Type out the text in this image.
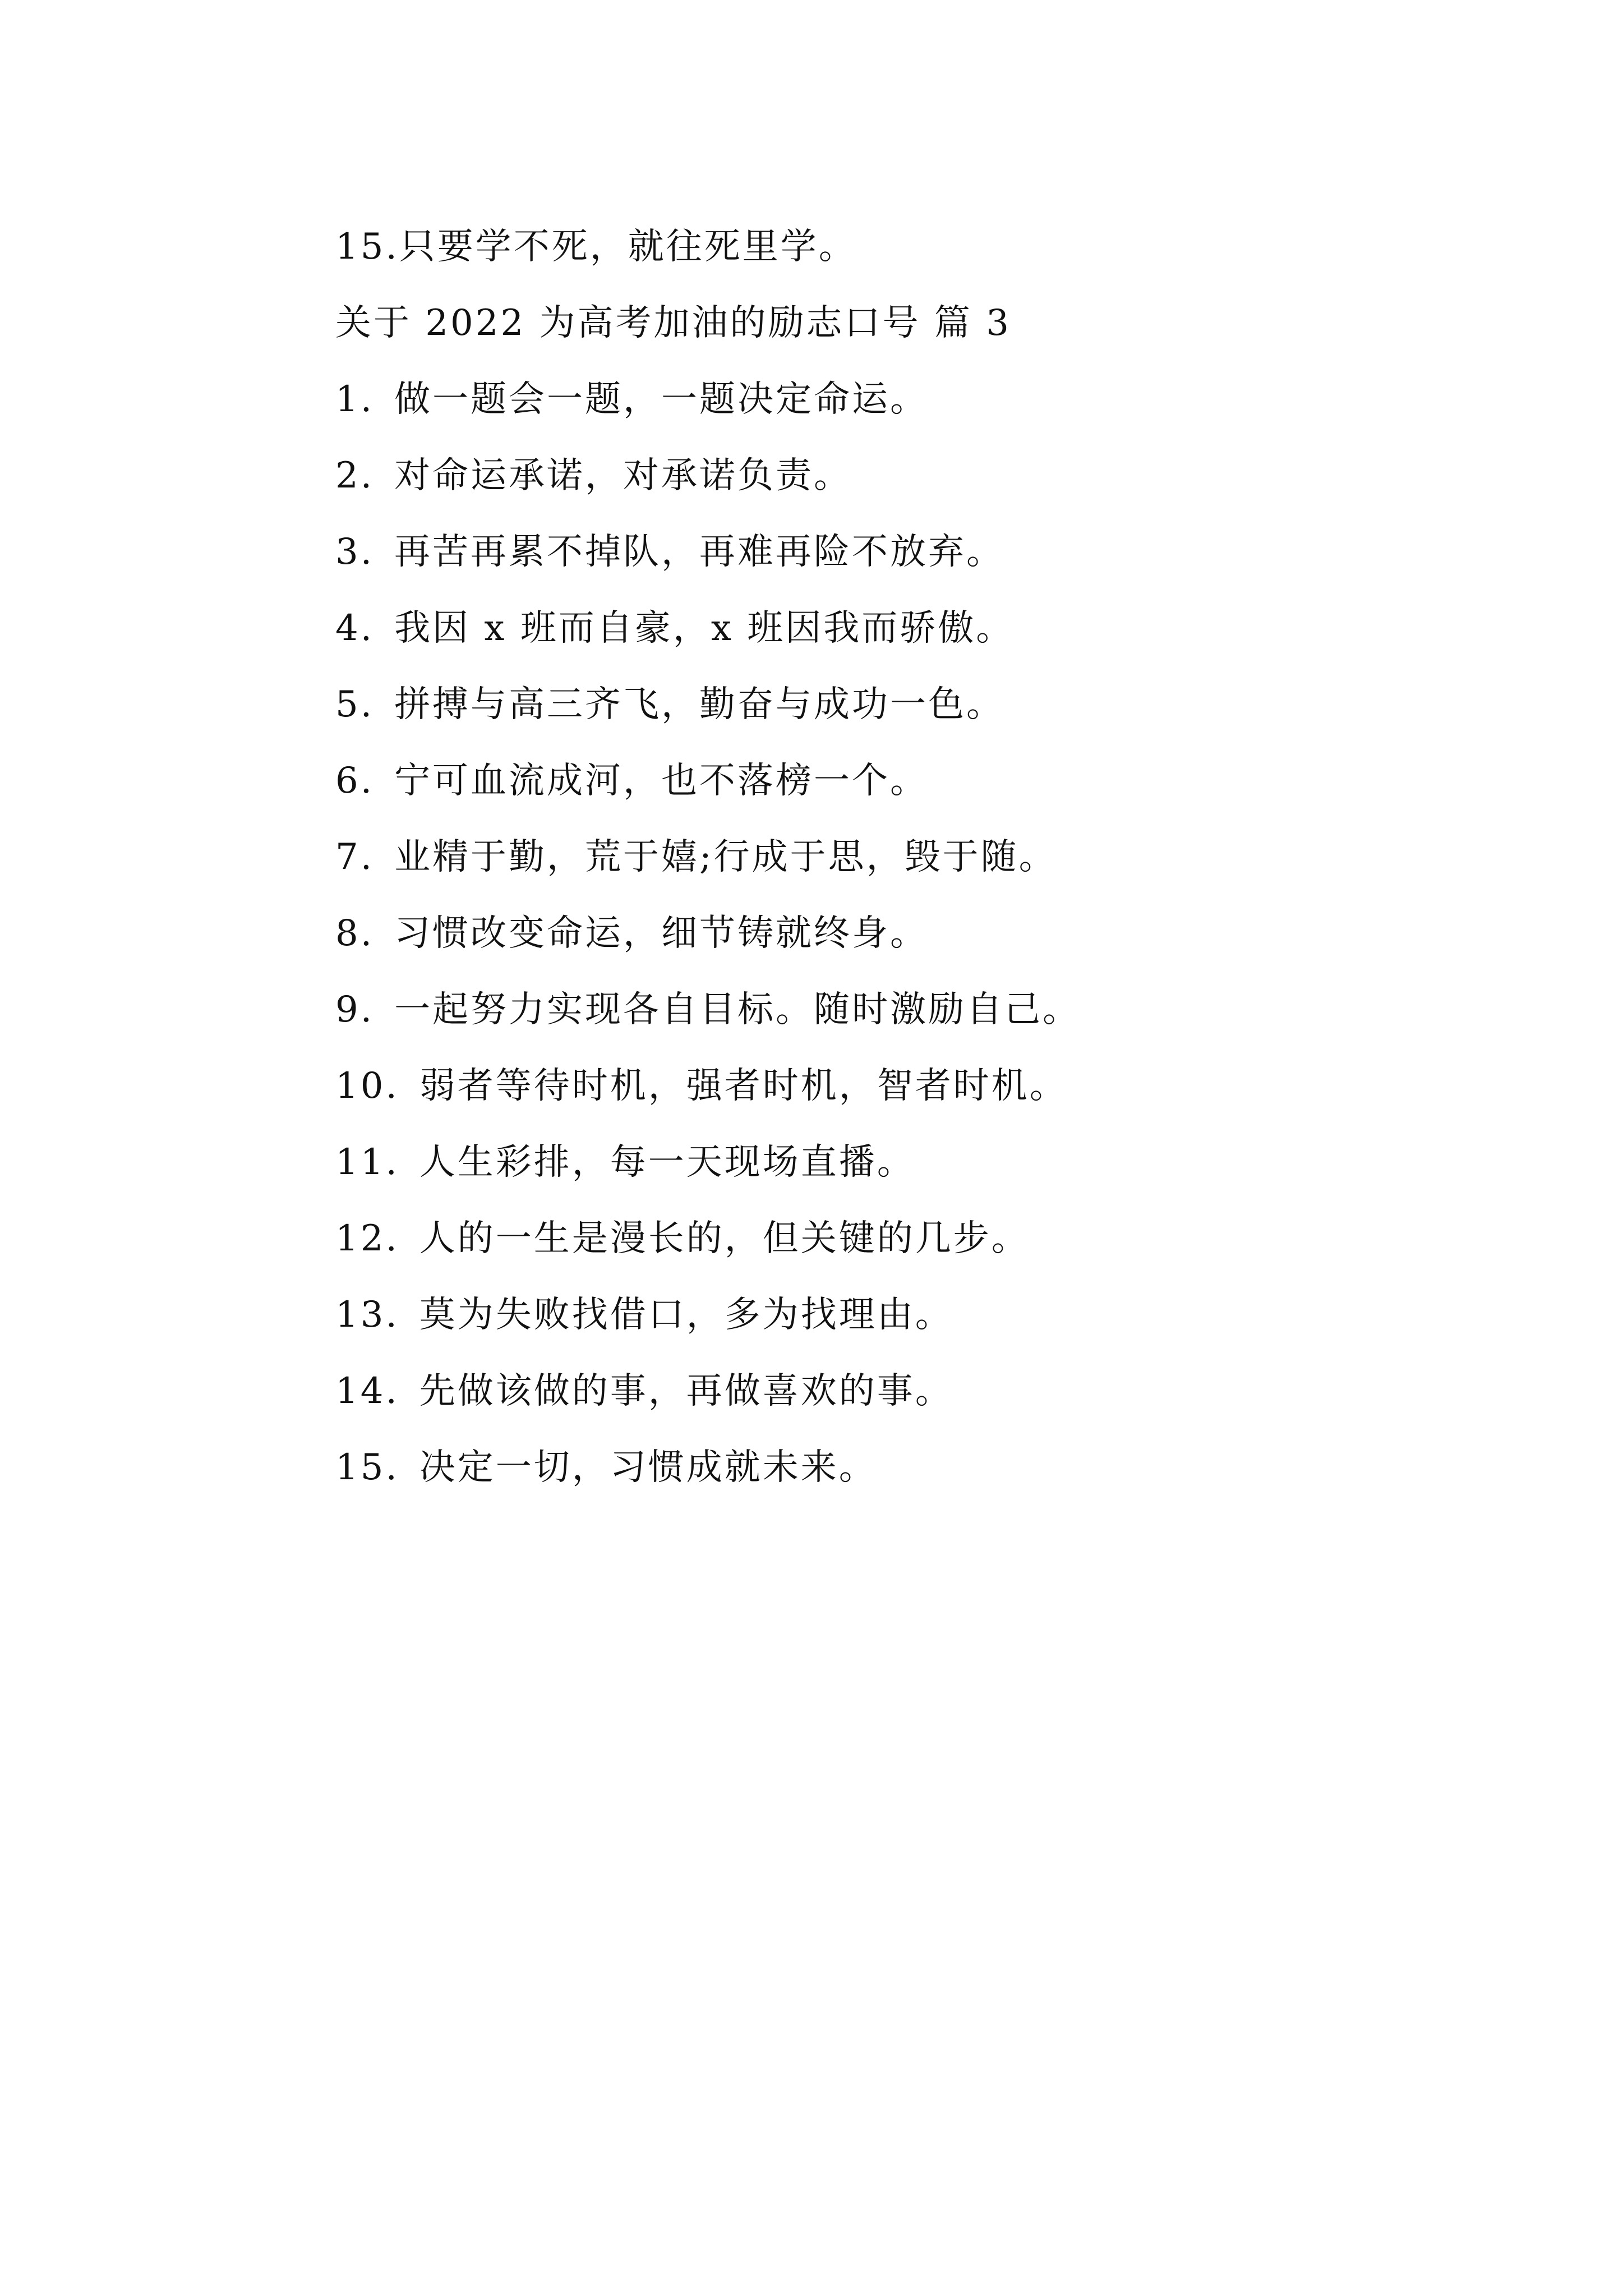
15.只要学不死，就往死里学。
关于 2022 为高考加油的励志口号 篇 3
1. 做一题会一题，一题决定命运。
2. 对命运承诺，对承诺负责。
3. 再苦再累不掉队，再难再险不放弃。
4. 我因 x 班而自豪，x 班因我而骄傲。
5. 拼搏与高三齐飞，勤奋与成功一色。
6. 宁可血流成河，也不落榜一个。
7. 业精于勤，荒于嬉;行成于思，毁于随。
8. 习惯改变命运，细节铸就终身。
9. 一起努力实现各自目标。随时激励自己。
10. 弱者等待时机，强者时机，智者时机。
11. 人生彩排，每一天现场直播。
12. 人的一生是漫长的，但关键的几步。
13. 莫为失败找借口，多为找理由。
14. 先做该做的事，再做喜欢的事。
15. 决定一切，习惯成就未来。
